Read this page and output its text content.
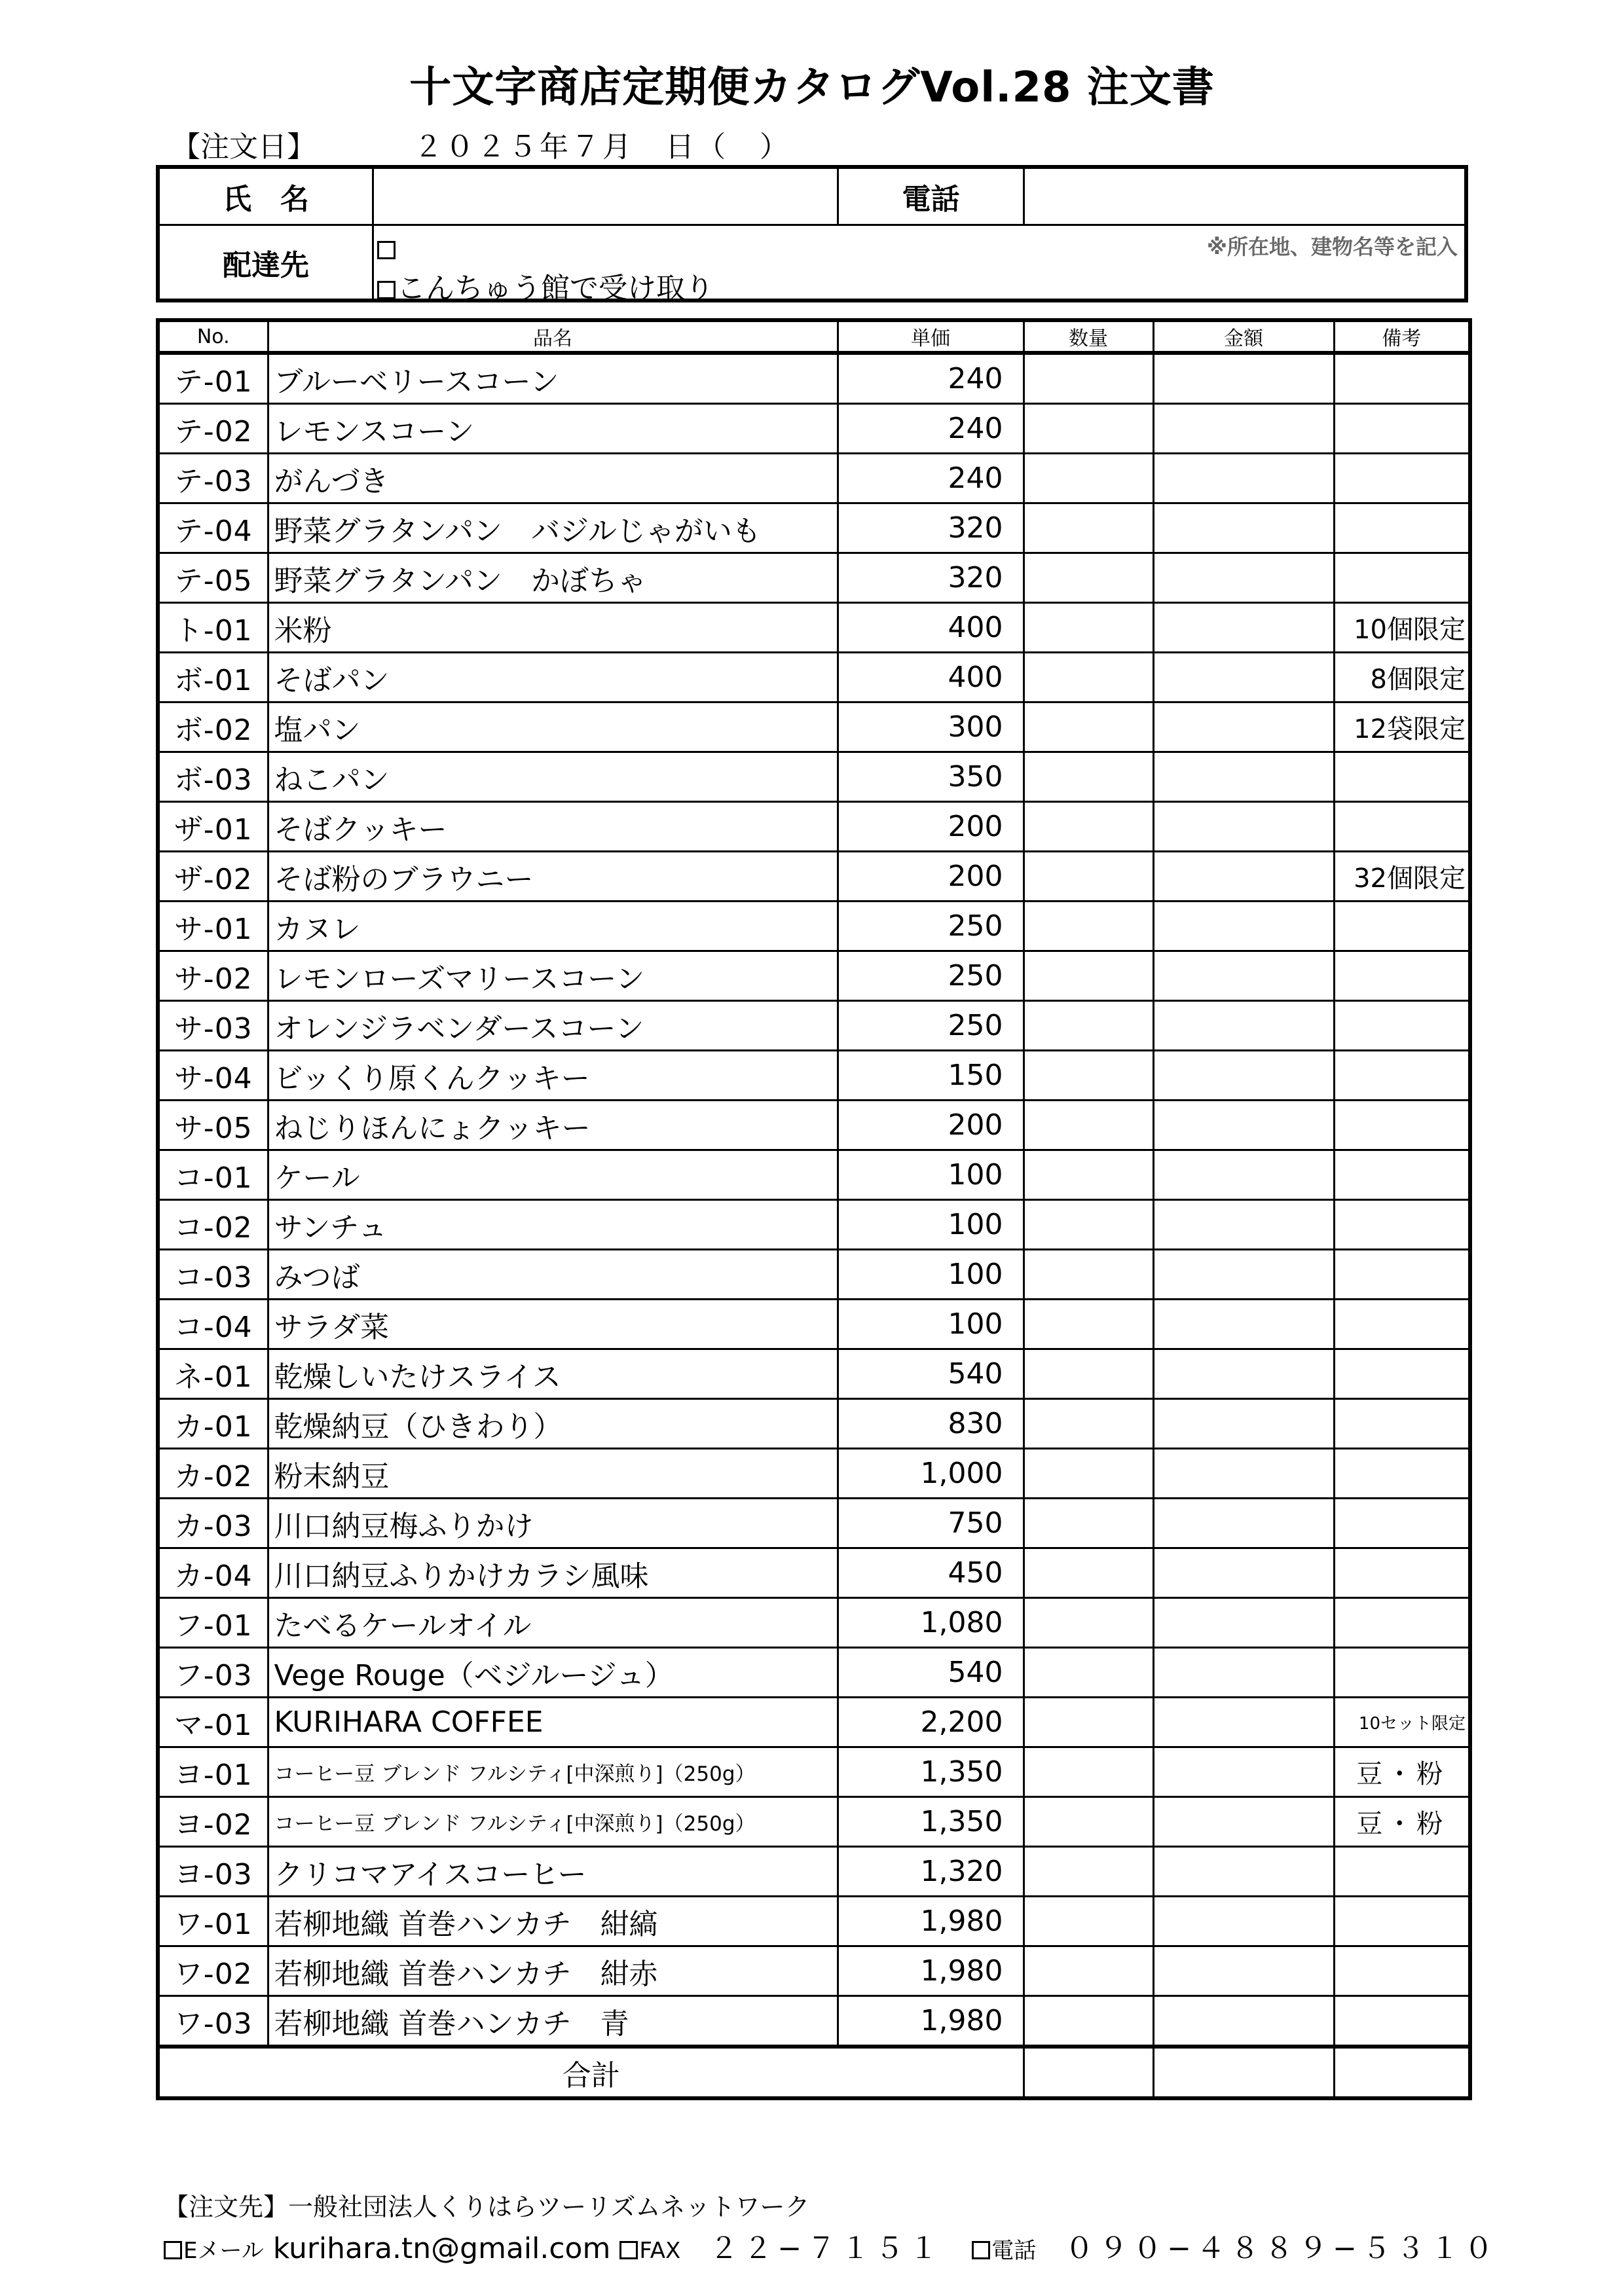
十文字商店定期便カタログVol.28 注文書
【注文日】	２０２５年７月　日（　）
氏　名	電話
配達先
※所在地、建物名等を記入
こんちゅう館で受け取り
No.	品名	単価	数量	金額	備考
テ-01	ブルーベリースコーン	240			
テ-02	レモンスコーン	240			
テ-03	がんづき	240			
テ-04	野菜グラタンパン　バジルじゃがいも	320			
テ-05	野菜グラタンパン　かぼちゃ	320			
ト-01	米粉	400			10個限定
ボ-01	そばパン	400			8個限定
ボ-02	塩パン	300			12袋限定
ボ-03	ねこパン	350			
ザ-01	そばクッキー	200			
ザ-02	そば粉のブラウニー	200			32個限定
サ-01	カヌレ	250			
サ-02	レモンローズマリースコーン	250			
サ-03	オレンジラベンダースコーン	250			
サ-04	ビッくり原くんクッキー	150			
サ-05	ねじりほんにょクッキー	200			
コ-01	ケール	100			
コ-02	サンチュ	100			
コ-03	みつば	100			
コ-04	サラダ菜	100			
ネ-01	乾燥しいたけスライス	540			
カ-01	乾燥納豆（ひきわり）	830			
カ-02	粉末納豆	1,000			
カ-03	川口納豆梅ふりかけ	750			
カ-04	川口納豆ふりかけカラシ風味	450			
フ-01	たべるケールオイル	1,080			
フ-03	Vege Rouge（ベジルージュ）	540			
マ-01	KURIHARA COFFEE	2,200			10セット限定
ヨ-01	コーヒー豆 ブレンド フルシティ[中深煎り]（250g）	1,350			豆・粉
ヨ-02	コーヒー豆 ブレンド フルシティ[中深煎り]（250g）	1,350			豆・粉
ヨ-03	クリコマアイスコーヒー	1,320			
ワ-01	若柳地織 首巻ハンカチ　紺縞	1,980			
ワ-02	若柳地織 首巻ハンカチ　紺赤	1,980			
ワ-03	若柳地織 首巻ハンカチ　青	1,980			
合計					
【注文先】一般社団法人くりはらツーリズムネットワーク
Eメール kurihara.tn@gmail.com FAX　 ２２−７１５１　 電話　 ０９０−４８８９−５３１０
